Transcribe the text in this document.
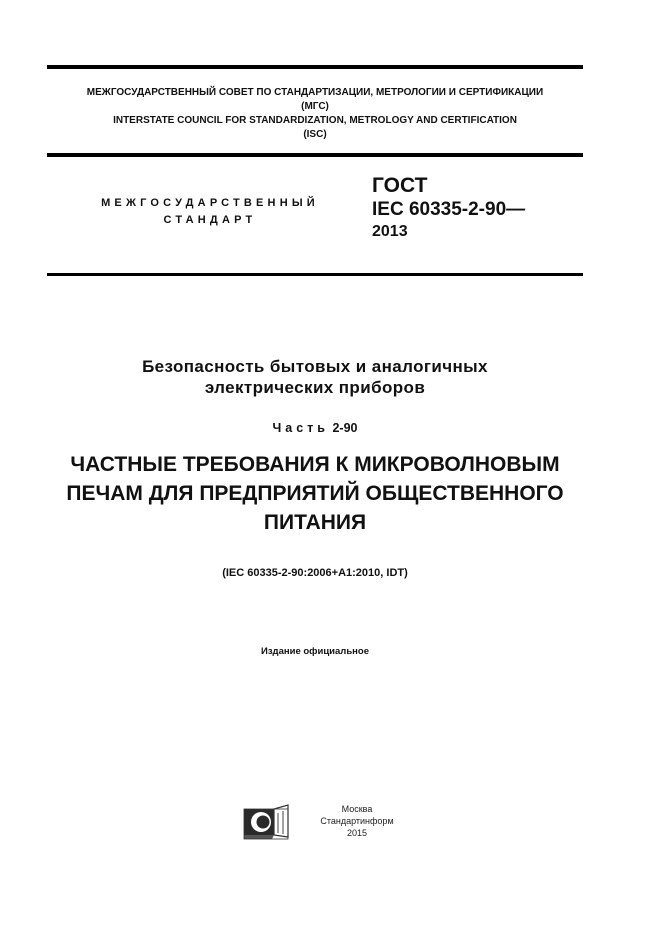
МЕЖГОСУДАРСТВЕННЫЙ СОВЕТ ПО СТАНДАРТИЗАЦИИ, МЕТРОЛОГИИ И СЕРТИФИКАЦИИ
(МГС)
INTERSTATE COUNCIL FOR STANDARDIZATION, METROLOGY AND CERTIFICATION
(ISC)
МЕЖГОСУДАРСТВЕННЫЙ
СТАНДАРТ
ГОСТ
IEC 60335-2-90—
2013
Безопасность бытовых и аналогичных
электрических приборов
Часть 2-90
ЧАСТНЫЕ ТРЕБОВАНИЯ К МИКРОВОЛНОВЫМ
ПЕЧАМ ДЛЯ ПРЕДПРИЯТИЙ ОБЩЕСТВЕННОГО
ПИТАНИЯ
(IEC 60335-2-90:2006+A1:2010, IDT)
Издание официальное
Москва
Стандартинформ
2015
